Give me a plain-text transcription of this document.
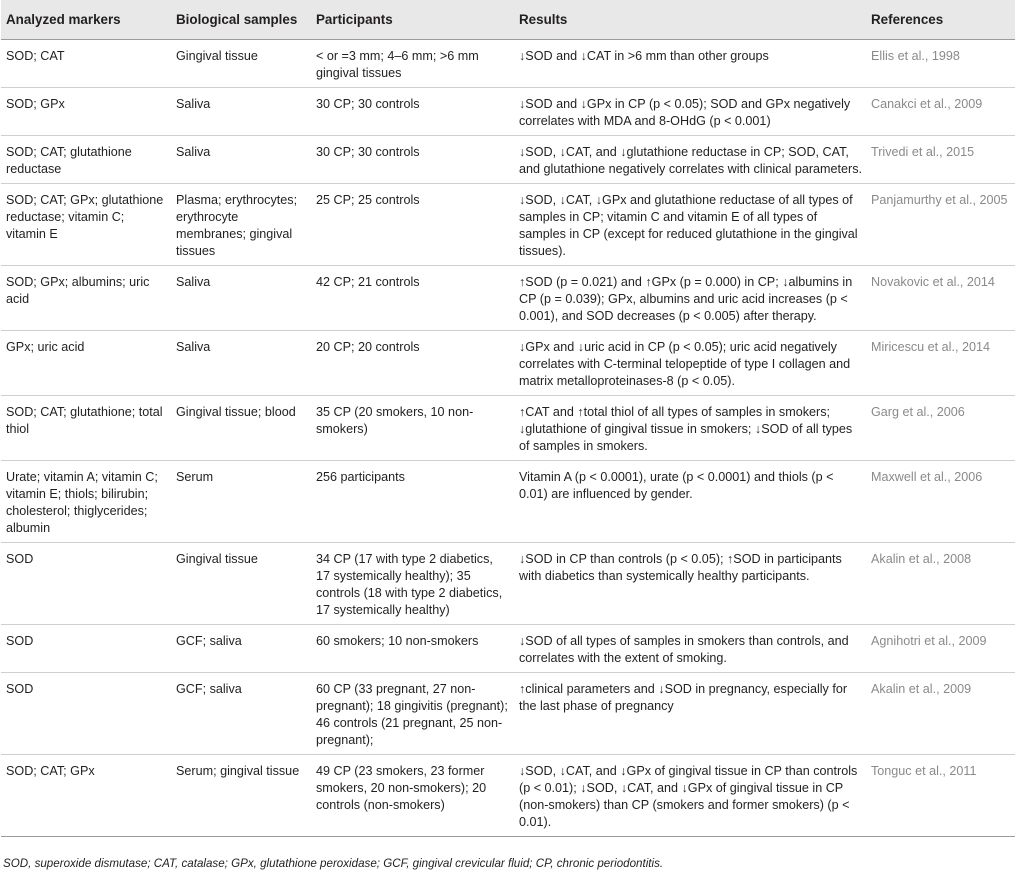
Analyzed markers	Biological samples	Participants	Results	References
SOD; CAT	Gingival tissue	< or =3 mm; 4–6 mm; >6 mm gingival tissues	↓SOD and ↓CAT in >6 mm than other groups	Ellis et al., 1998
SOD; GPx	Saliva	30 CP; 30 controls	↓SOD and ↓GPx in CP (p < 0.05); SOD and GPx negatively correlates with MDA and 8-OHdG (p < 0.001)	Canakci et al., 2009
SOD; CAT; glutathione reductase	Saliva	30 CP; 30 controls	↓SOD, ↓CAT, and ↓glutathione reductase in CP; SOD, CAT, and glutathione negatively correlates with clinical parameters.	Trivedi et al., 2015
SOD; CAT; GPx; glutathione reductase; vitamin C; vitamin E	Plasma; erythrocytes; erythrocyte membranes; gingival tissues	25 CP; 25 controls	↓SOD, ↓CAT, ↓GPx and glutathione reductase of all types of samples in CP; vitamin C and vitamin E of all types of samples in CP (except for reduced glutathione in the gingival tissues).	Panjamurthy et al., 2005
SOD; GPx; albumins; uric acid	Saliva	42 CP; 21 controls	↑SOD (p = 0.021) and ↑GPx (p = 0.000) in CP; ↓albumins in CP (p = 0.039); GPx, albumins and uric acid increases (p < 0.001), and SOD decreases (p < 0.005) after therapy.	Novakovic et al., 2014
GPx; uric acid	Saliva	20 CP; 20 controls	↓GPx and ↓uric acid in CP (p < 0.05); uric acid negatively correlates with C-terminal telopeptide of type I collagen and matrix metalloproteinases-8 (p < 0.05).	Miricescu et al., 2014
SOD; CAT; glutathione; total thiol	Gingival tissue; blood	35 CP (20 smokers, 10 non-smokers)	↑CAT and ↑total thiol of all types of samples in smokers; ↓glutathione of gingival tissue in smokers; ↓SOD of all types of samples in smokers.	Garg et al., 2006
Urate; vitamin A; vitamin C; vitamin E; thiols; bilirubin; cholesterol; thiglycerides; albumin	Serum	256 participants	Vitamin A (p < 0.0001), urate (p < 0.0001) and thiols (p < 0.01) are influenced by gender.	Maxwell et al., 2006
SOD	Gingival tissue	34 CP (17 with type 2 diabetics, 17 systemically healthy); 35 controls (18 with type 2 diabetics, 17 systemically healthy)	↓SOD in CP than controls (p < 0.05); ↑SOD in participants with diabetics than systemically healthy participants.	Akalin et al., 2008
SOD	GCF; saliva	60 smokers; 10 non-smokers	↓SOD of all types of samples in smokers than controls, and correlates with the extent of smoking.	Agnihotri et al., 2009
SOD	GCF; saliva	60 CP (33 pregnant, 27 non-pregnant); 18 gingivitis (pregnant); 46 controls (21 pregnant, 25 non-pregnant);	↑clinical parameters and ↓SOD in pregnancy, especially for the last phase of pregnancy	Akalin et al., 2009
SOD; CAT; GPx	Serum; gingival tissue	49 CP (23 smokers, 23 former smokers, 20 non-smokers); 20 controls (non-smokers)	↓SOD, ↓CAT, and ↓GPx of gingival tissue in CP than controls (p < 0.01); ↓SOD, ↓CAT, and ↓GPx of gingival tissue in CP (non-smokers) than CP (smokers and former smokers) (p < 0.01).	Tonguc et al., 2011
SOD, superoxide dismutase; CAT, catalase; GPx, glutathione peroxidase; GCF, gingival crevicular fluid; CP, chronic periodontitis.
